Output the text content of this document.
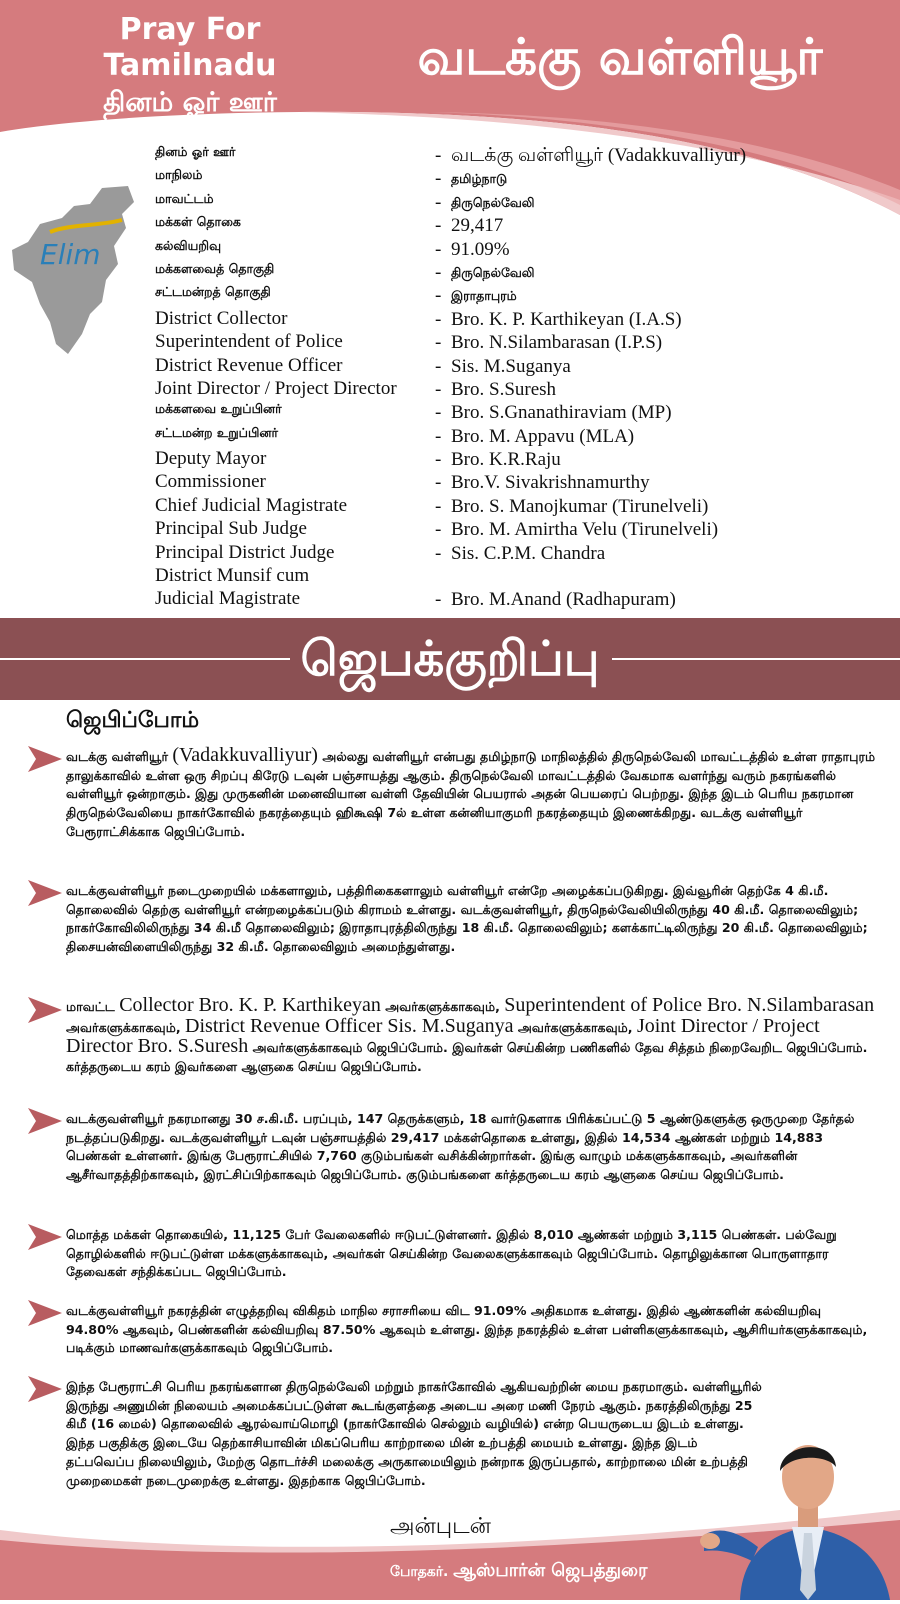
Pray For Tamilnadu
தினம் ஓர் ஊர்
வடக்கு வள்ளியூர்
Elim
தினம் ஓர் ஊர்	- வடக்கு வள்ளியூர் (Vadakkuvalliyur)
மாநிலம்	- தமிழ்நாடு
மாவட்டம்	- திருநெல்வேலி
மக்கள் தொகை	- 29,417
கல்வியறிவு	- 91.09%
மக்களவைத் தொகுதி	- திருநெல்வேலி
சட்டமன்றத் தொகுதி	- இராதாபுரம்
District Collector	- Bro. K. P. Karthikeyan (I.A.S)
Superintendent of Police	- Bro. N.Silambarasan (I.P.S)
District Revenue Officer	- Sis. M.Suganya
Joint Director / Project Director - Bro. S.Suresh
மக்களவை உறுப்பினர்	- Bro. S.Gnanathiraviam (MP)
சட்டமன்ற உறுப்பினர்	- Bro. M. Appavu (MLA)
Deputy Mayor	- Bro. K.R.Raju
Commissioner	- Bro.V. Sivakrishnamurthy
Chief Judicial Magistrate	- Bro. S. Manojkumar (Tirunelveli)
Principal Sub Judge	- Bro. M. Amirtha Velu (Tirunelveli)
Principal District Judge	- Sis. C.P.M. Chandra
District Munsif cum
Judicial Magistrate	- Bro. M.Anand (Radhapuram)
ஜெபக்குறிப்பு
ஜெபிப்போம்
வடக்கு வள்ளியூர் (Vadakkuvalliyur) அல்லது வள்ளியூர் என்பது தமிழ்நாடு மாநிலத்தில் திருநெல்வேலி மாவட்டத்தில் உள்ள ராதாபுரம் தாலுக்காவில் உள்ள ஒரு சிறப்பு கிரேடு டவுன் பஞ்சாயத்து ஆகும். திருநெல்வேலி மாவட்டத்தில் வேகமாக வளர்ந்து வரும் நகரங்களில் வள்ளியூர் ஒன்றாகும். இது முருகனின் மனைவியான வள்ளி தேவியின் பெயரால் அதன் பெயரைப் பெற்றது. இந்த இடம் பெரிய நகரமான திருநெல்வேலியை நாகர்கோவில் நகரத்தையும் ஹிகூஷி 7ல் உள்ள கன்னியாகுமரி நகரத்தையும் இணைக்கிறது. வடக்கு வள்ளியூர் பேரூராட்சிக்காக ஜெபிப்போம்.
வடக்குவள்ளியூர் நடைமுறையில் மக்களாலும், பத்திரிகைகளாலும் வள்ளியூர் என்றே அழைக்கப்படுகிறது. இவ்வூரின் தெற்கே 4 கி.மீ. தொலைவில் தெற்கு வள்ளியூர் என்றழைக்கப்படும் கிராமம் உள்ளது. வடக்குவள்ளியூர், திருநெல்வேலியிலிருந்து 40 கி.மீ. தொலைவிலும்; நாகர்கோவிலிலிருந்து 34 கி.மீ தொலைவிலும்; இராதாபுரத்திலிருந்து 18 கி.மீ. தொலைவிலும்; களக்காட்டிலிருந்து 20 கி.மீ. தொலைவிலும்; திசையன்விளையிலிருந்து 32 கி.மீ. தொலைவிலும் அமைந்துள்ளது.
மாவட்ட Collector Bro. K. P. Karthikeyan அவர்களுக்காகவும், Superintendent of Police Bro. N.Silambarasan அவர்களுக்காகவும், District Revenue Officer Sis. M.Suganya அவர்களுக்காகவும், Joint Director / Project Director Bro. S.Suresh அவர்களுக்காகவும் ஜெபிப்போம். இவர்கள் செய்கின்ற பணிகளில் தேவ சித்தம் நிறைவேறிட ஜெபிப்போம். கர்த்தருடைய கரம் இவர்களை ஆளுகை செய்ய ஜெபிப்போம்.
வடக்குவள்ளியூர் நகரமானது 30 ச.கி.மீ. பரப்பும், 147 தெருக்களும், 18 வார்டுகளாக பிரிக்கப்பட்டு 5 ஆண்டுகளுக்கு ஒருமுறை தேர்தல் நடத்தப்படுகிறது. வடக்குவள்ளியூர் டவுன் பஞ்சாயத்தில் 29,417 மக்கள்தொகை உள்ளது, இதில் 14,534 ஆண்கள் மற்றும் 14,883 பெண்கள் உள்ளனர். இங்கு பேரூராட்சியில் 7,760 குடும்பங்கள் வசிக்கின்றார்கள். இங்கு வாழும் மக்களுக்காகவும், அவர்களின் ஆசீர்வாதத்திற்காகவும், இரட்சிப்பிற்காகவும் ஜெபிப்போம். குடும்பங்களை கர்த்தருடைய கரம் ஆளுகை செய்ய ஜெபிப்போம்.
மொத்த மக்கள் தொகையில், 11,125 பேர் வேலைகளில் ஈடுபட்டுள்ளனர். இதில் 8,010 ஆண்கள் மற்றும் 3,115 பெண்கள். பல்வேறு தொழில்களில் ஈடுபட்டுள்ள மக்களுக்காகவும், அவர்கள் செய்கின்ற வேலைகளுக்காகவும் ஜெபிப்போம். தொழிலுக்கான பொருளாதார தேவைகள் சந்திக்கப்பட ஜெபிப்போம்.
வடக்குவள்ளியூர் நகரத்தின் எழுத்தறிவு விகிதம் மாநில சராசரியை விட 91.09% அதிகமாக உள்ளது. இதில் ஆண்களின் கல்வியறிவு 94.80% ஆகவும், பெண்களின் கல்வியறிவு 87.50% ஆகவும் உள்ளது. இந்த நகரத்தில் உள்ள பள்ளிகளுக்காகவும், ஆசிரியர்களுக்காகவும், படிக்கும் மாணவர்களுக்காகவும் ஜெபிப்போம்.
இந்த பேரூராட்சி பெரிய நகரங்களான திருநெல்வேலி மற்றும் நாகர்கோவில் ஆகியவற்றின் மைய நகரமாகும். வள்ளியூரில் இருந்து அணுமின் நிலையம் அமைக்கப்பட்டுள்ள கூடங்குளத்தை அடைய அரை மணி நேரம் ஆகும். நகரத்திலிருந்து 25 கிமீ (16 மைல்) தொலைவில் ஆரல்வாய்மொழி (நாகர்கோவில் செல்லும் வழியில்) என்ற பெயருடைய இடம் உள்ளது. இந்த பகுதிக்கு இடையே தெற்காசியாவின் மிகப்பெரிய காற்றாலை மின் உற்பத்தி மையம் உள்ளது. இந்த இடம் தட்பவெப்ப நிலையிலும், மேற்கு தொடர்ச்சி மலைக்கு அருகாமையிலும் நன்றாக இருப்பதால், காற்றாலை மின் உற்பத்தி முறைமைகள் நடைமுறைக்கு உள்ளது. இதற்காக ஜெபிப்போம்.
அன்புடன்
போதகர். ஆஸ்பார்ன் ஜெபத்துரை
